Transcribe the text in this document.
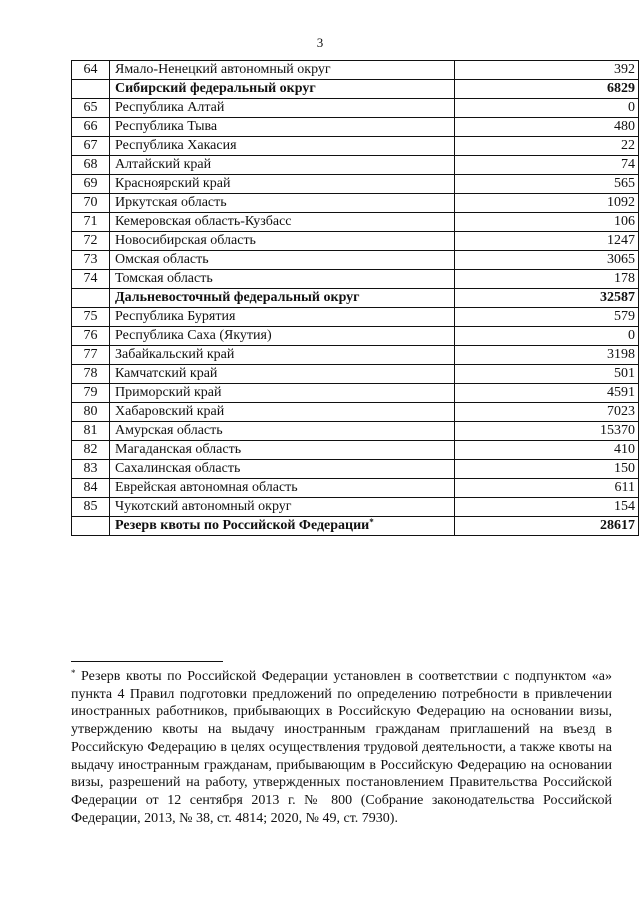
3
64	Ямало-Ненецкий автономный округ	392
	Сибирский федеральный округ	6829
65	Республика Алтай	0
66	Республика Тыва	480
67	Республика Хакасия	22
68	Алтайский край	74
69	Красноярский край	565
70	Иркутская область	1092
71	Кемеровская область-Кузбасс	106
72	Новосибирская область	1247
73	Омская область	3065
74	Томская область	178
	Дальневосточный федеральный округ	32587
75	Республика Бурятия	579
76	Республика Саха (Якутия)	0
77	Забайкальский край	3198
78	Камчатский край	501
79	Приморский край	4591
80	Хабаровский край	7023
81	Амурская область	15370
82	Магаданская область	410
83	Сахалинская область	150
84	Еврейская автономная область	611
85	Чукотский автономный округ	154
	Резерв квоты по Российской Федерации*	28617
* Резерв квоты по Российской Федерации установлен в соответствии с подпунктом «а» пункта 4 Правил подготовки предложений по определению потребности в привлечении иностранных работников, прибывающих в Российскую Федерацию на основании визы, утверждению квоты на выдачу иностранным гражданам приглашений на въезд в Российскую Федерацию в целях осуществления трудовой деятельности, а также квоты на выдачу иностранным гражданам, прибывающим в Российскую Федерацию на основании визы, разрешений на работу, утвержденных постановлением Правительства Российской Федерации от 12 сентября 2013 г. № 800 (Собрание законодательства Российской Федерации, 2013, № 38, ст. 4814; 2020, № 49, ст. 7930).
